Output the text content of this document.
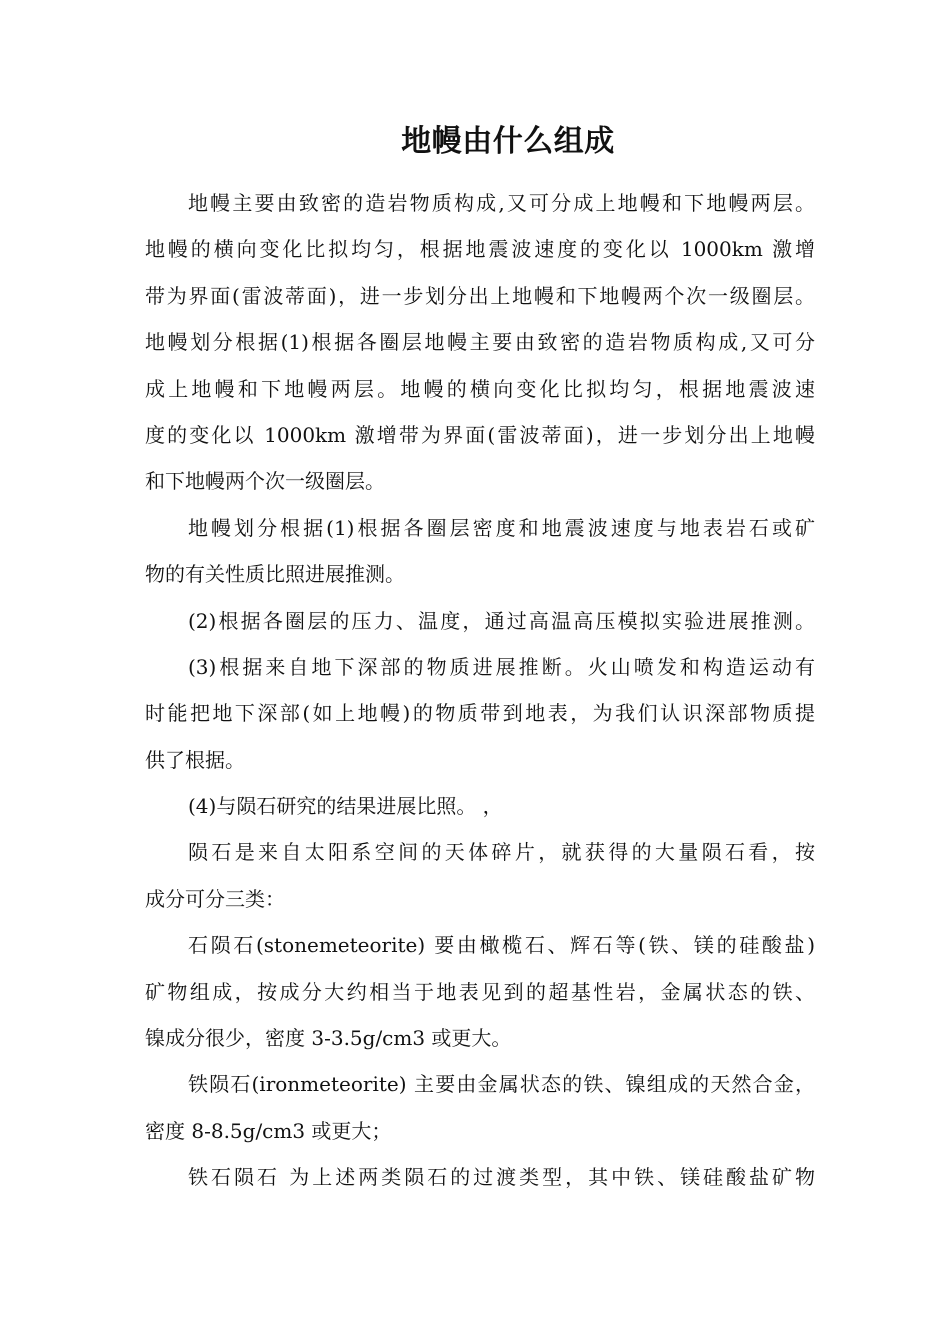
地幔由什么组成
地幔主要由致密的造岩物质构成,又可分成上地幔和下地幔两层。
地幔的横向变化比拟均匀，根据地震波速度的变化以 1000km 激增
带为界面(雷波蒂面)，进一步划分出上地幔和下地幔两个次一级圈层。
地幔划分根据(1)根据各圈层地幔主要由致密的造岩物质构成,又可分
成上地幔和下地幔两层。地幔的横向变化比拟均匀，根据地震波速
度的变化以 1000km 激增带为界面(雷波蒂面)，进一步划分出上地幔
和下地幔两个次一级圈层。
地幔划分根据(1)根据各圈层密度和地震波速度与地表岩石或矿
物的有关性质比照进展推测。
(2)根据各圈层的压力、温度，通过高温高压模拟实验进展推测。
(3)根据来自地下深部的物质进展推断。火山喷发和构造运动有
时能把地下深部(如上地幔)的物质带到地表，为我们认识深部物质提
供了根据。
(4)与陨石研究的结果进展比照。 ，
陨石是来自太阳系空间的天体碎片，就获得的大量陨石看，按
成分可分三类：
石陨石(stonemeteorite) 要由橄榄石、辉石等(铁、镁的硅酸盐)
矿物组成，按成分大约相当于地表见到的超基性岩，金属状态的铁、
镍成分很少，密度 3-3.5g/cm3 或更大。
铁陨石(ironmeteorite) 主要由金属状态的铁、镍组成的天然合金，
密度 8-8.5g/cm3 或更大；
铁石陨石 为上述两类陨石的过渡类型，其中铁、镁硅酸盐矿物
